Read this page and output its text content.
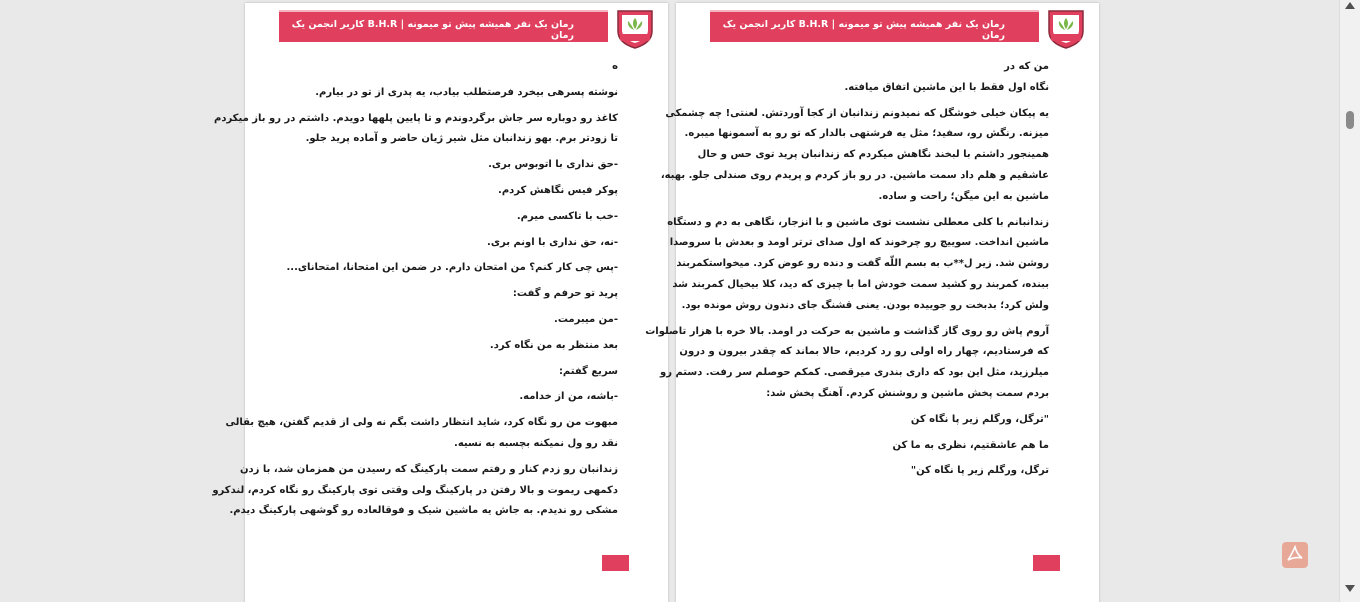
رمان یک نفر همیشه پیش تو میمونه | B.H.R کاربر انجمن یک رمان
ه
نوشته پسرهی بیخرد فرصتطلب بیادب، یه پدری از تو در بیارم.
کاغذ رو دوباره سر جاش برگردوندم و تا پایین پلهها دویدم. داشتم در رو باز میکردم
تا زودتر برم. بهو زندانبان مثل شیر ژیان حاضر و آماده پرید جلو.
-حق نداری با اتوبوس بری.
پوکر فیس نگاهش کردم.
-خب با تاکسی میرم.
-نه، حق نداری با اونم بری.
-پس چی کار کنم؟ من امتحان دارم. در ضمن این امتحانا، امتحانای...
پرید تو حرفم و گفت:
-من میبرمت.
بعد منتظر به من نگاه کرد.
سریع گفتم:
-باشه، من از خدامه.
مبهوت من رو نگاه کرد، شاید انتظار داشت بگم نه ولی از قدیم گفتن، هیچ بقالی
نقد رو ول نمیکنه بچسبه به نسیه.
زندانبان رو زدم کنار و رفتم سمت پارکینگ که رسیدن من همزمان شد، با زدن
دکمهی ریموت و بالا رفتن در پارکینگ ولی وقتی توی پارکینگ رو نگاه کردم، لندکرو
مشکی رو ندیدم. به جاش یه ماشین شیک و فوقالعاده رو گوشهی پارکینگ دیدم.
رمان یک نفر همیشه پیش تو میمونه | B.H.R کاربر انجمن یک رمان
من که در
نگاه اول فقط با این ماشین اتفاق میافته.
یه پیکان خیلی خوشگل که نمیدونم زندانبان از کجا آوردتش. لعنتی! چه چشمکی
میزنه. رنگش رو، سفید؛ مثل یه فرشتهی بالدار که تو رو به آسمونها میبره.
همینجور داشتم با لبخند نگاهش میکردم که زندانبان پرید توی حس و حال
عاشقیم و هلم داد سمت ماشین. در رو باز کردم و پریدم روی صندلی جلو. بهبه،
ماشین به این میگن؛ راحت و ساده.
زندانبانم با کلی معطلی نشست توی ماشین و با انزجار، نگاهی به دم و دستگاه
ماشین انداخت. سوییچ رو چرخوند که اول صدای ترتر اومد و بعدش با سروصدا
روشن شد. زیر ل**ب به بسم اللّه گفت و دنده رو عوض کرد. میخواستکمربند
ببنده، کمربند رو کشید سمت خودش اما با چیزی که دید، کلا بیخیال کمربند شد
ولش کرد؛ بدبخت رو جوییده بودن. یعنی قشنگ جای دندون روش مونده بود.
آروم پاش رو روی گاز گذاشت و ماشین به حرکت در اومد. بالا خره با هزار تاصلوات
که فرستادیم، چهار راه اولی رو رد کردیم، حالا بماند که چقدر بیرون و درون
میلرزید، مثل این بود که داری بندری میرقصی. کمکم حوصلم سر رفت. دستم رو
بردم سمت پخش ماشین و روشنش کردم. آهنگ پخش شد:
"ترگل، ورگلم زیر پا نگاه کن
ما هم عاشقتیم، نظری به ما کن
ترگل، ورگلم زیر پا نگاه کن"
